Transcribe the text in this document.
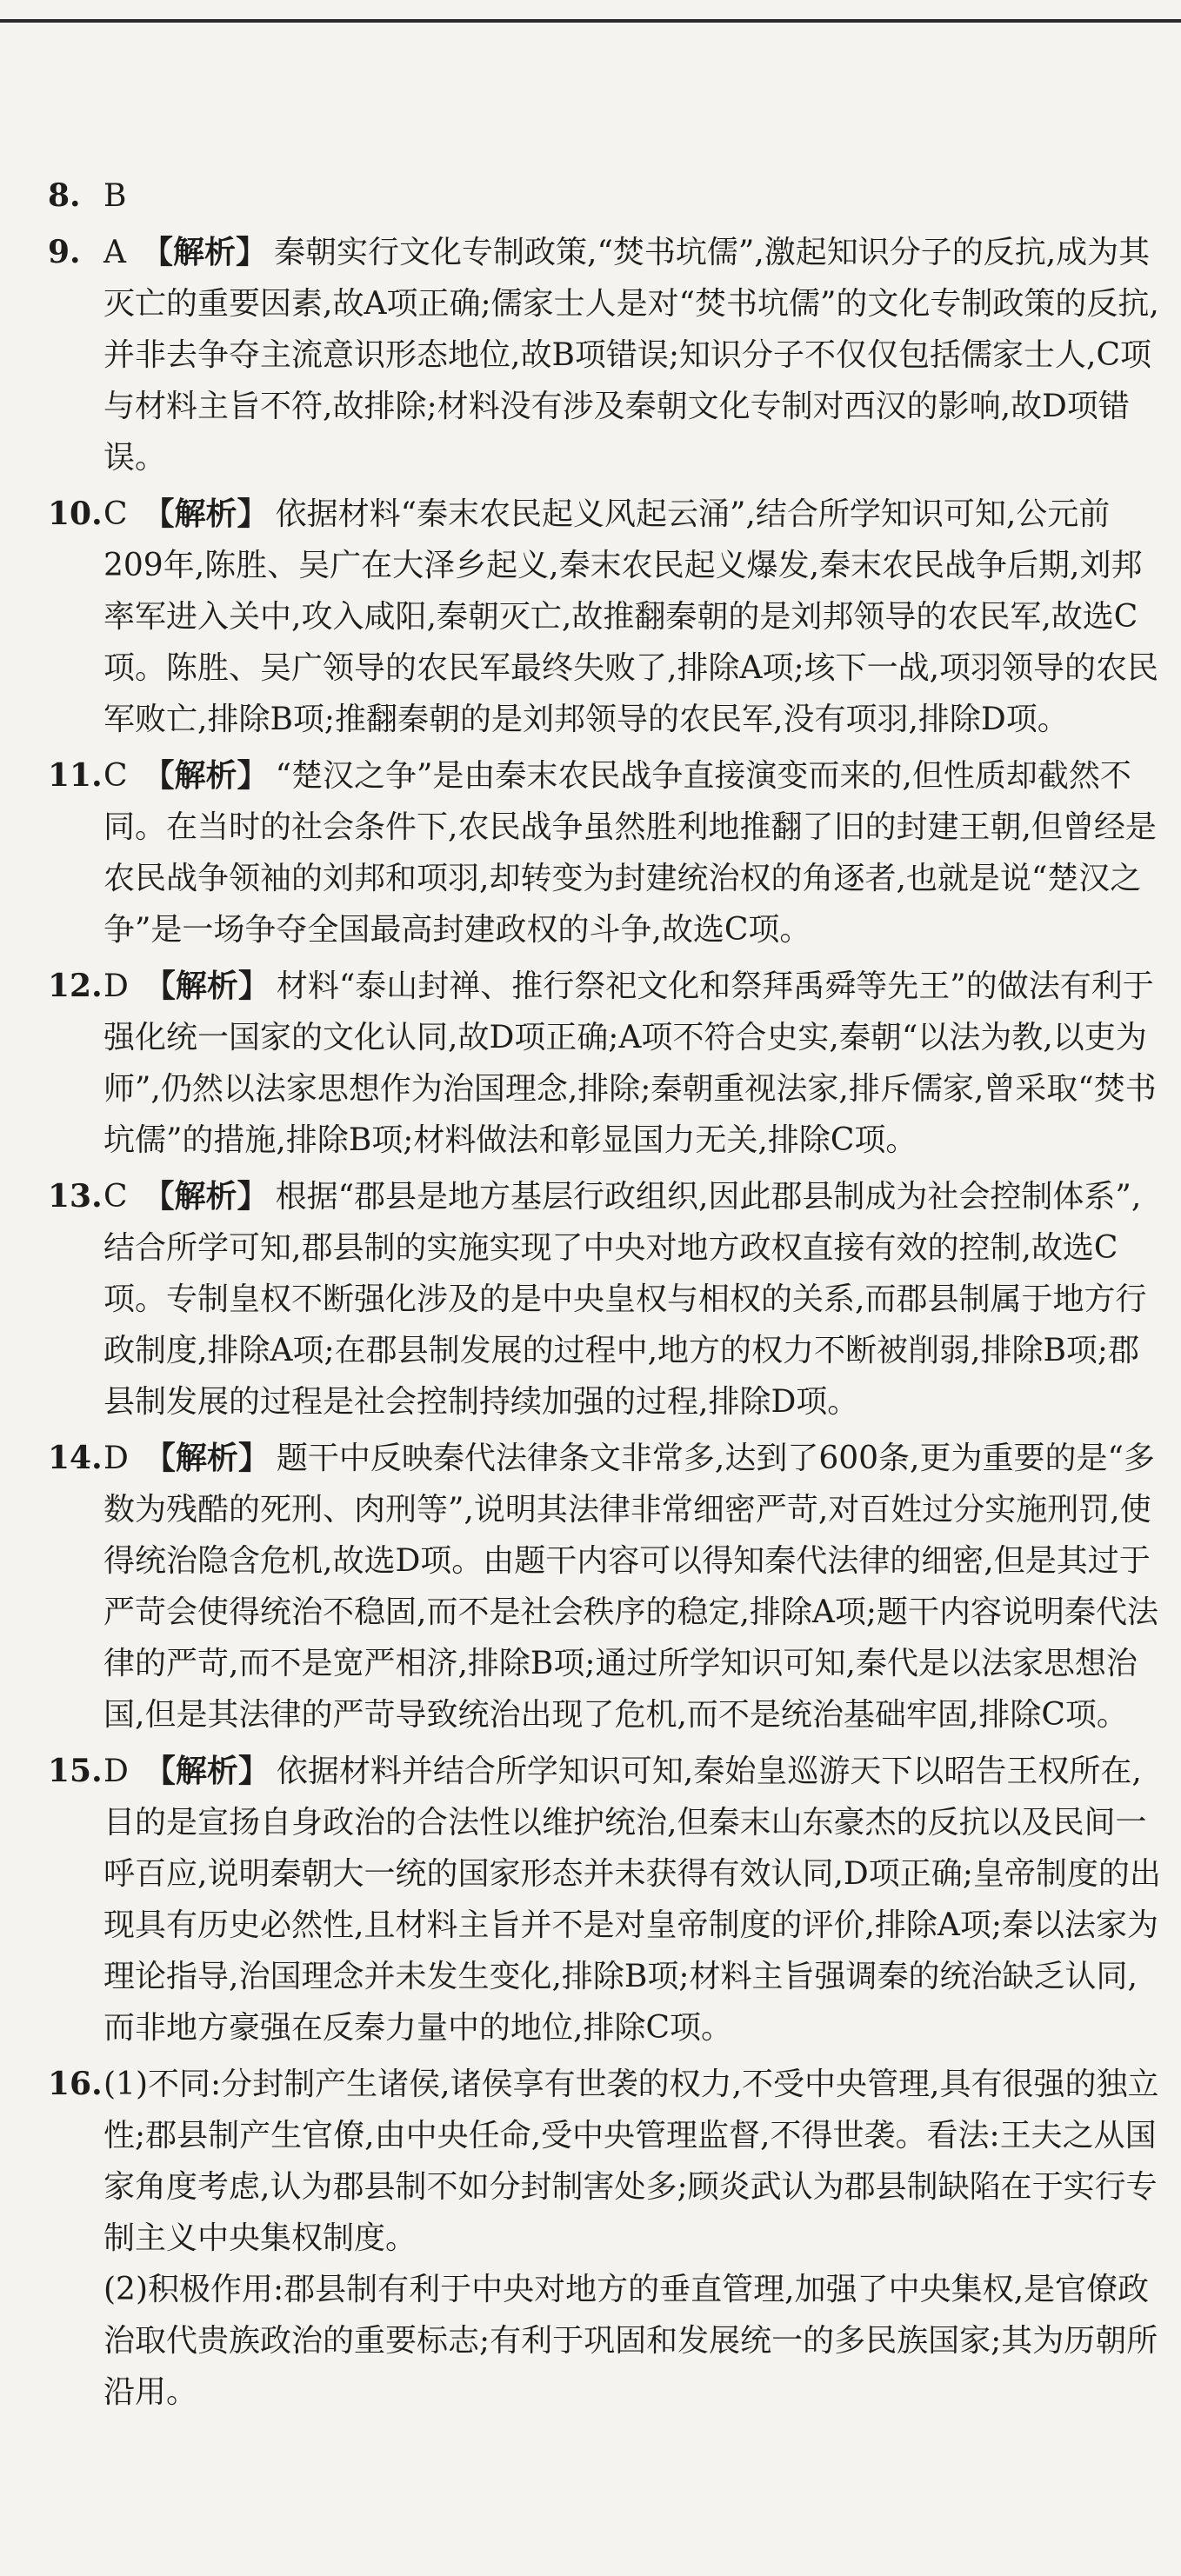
8. B
9. A 【解析】 秦朝实行文化专制政策,“焚书坑儒”,激起知识分子的反抗,成为其灭亡的重要因素,故A项正确;儒家士人是对“焚书坑儒”的文化专制政策的反抗,并非去争夺主流意识形态地位,故B项错误;知识分子不仅仅包括儒家士人,C项与材料主旨不符,故排除;材料没有涉及秦朝文化专制对西汉的影响,故D项错误。
10. C 【解析】 依据材料“秦末农民起义风起云涌”,结合所学知识可知,公元前209年,陈胜、吴广在大泽乡起义,秦末农民起义爆发,秦末农民战争后期,刘邦率军进入关中,攻入咸阳,秦朝灭亡,故推翻秦朝的是刘邦领导的农民军,故选C项。陈胜、吴广领导的农民军最终失败了,排除A项;垓下一战,项羽领导的农民军败亡,排除B项;推翻秦朝的是刘邦领导的农民军,没有项羽,排除D项。
11. C 【解析】 “楚汉之争”是由秦末农民战争直接演变而来的,但性质却截然不同。在当时的社会条件下,农民战争虽然胜利地推翻了旧的封建王朝,但曾经是农民战争领袖的刘邦和项羽,却转变为封建统治权的角逐者,也就是说“楚汉之争”是一场争夺全国最高封建政权的斗争,故选C项。
12. D 【解析】 材料“泰山封禅、推行祭祀文化和祭拜禹舜等先王”的做法有利于强化统一国家的文化认同,故D项正确;A项不符合史实,秦朝“以法为教,以吏为师”,仍然以法家思想作为治国理念,排除;秦朝重视法家,排斥儒家,曾采取“焚书坑儒”的措施,排除B项;材料做法和彰显国力无关,排除C项。
13. C 【解析】 根据“郡县是地方基层行政组织,因此郡县制成为社会控制体系”,结合所学可知,郡县制的实施实现了中央对地方政权直接有效的控制,故选C项。专制皇权不断强化涉及的是中央皇权与相权的关系,而郡县制属于地方行政制度,排除A项;在郡县制发展的过程中,地方的权力不断被削弱,排除B项;郡县制发展的过程是社会控制持续加强的过程,排除D项。
14. D 【解析】 题干中反映秦代法律条文非常多,达到了600条,更为重要的是“多数为残酷的死刑、肉刑等”,说明其法律非常细密严苛,对百姓过分实施刑罚,使得统治隐含危机,故选D项。由题干内容可以得知秦代法律的细密,但是其过于严苛会使得统治不稳固,而不是社会秩序的稳定,排除A项;题干内容说明秦代法律的严苛,而不是宽严相济,排除B项;通过所学知识可知,秦代是以法家思想治国,但是其法律的严苛导致统治出现了危机,而不是统治基础牢固,排除C项。
15. D 【解析】 依据材料并结合所学知识可知,秦始皇巡游天下以昭告王权所在,目的是宣扬自身政治的合法性以维护统治,但秦末山东豪杰的反抗以及民间一呼百应,说明秦朝大一统的国家形态并未获得有效认同,D项正确;皇帝制度的出现具有历史必然性,且材料主旨并不是对皇帝制度的评价,排除A项;秦以法家为理论指导,治国理念并未发生变化,排除B项;材料主旨强调秦的统治缺乏认同,而非地方豪强在反秦力量中的地位,排除C项。
16. (1)不同:分封制产生诸侯,诸侯享有世袭的权力,不受中央管理,具有很强的独立性;郡县制产生官僚,由中央任命,受中央管理监督,不得世袭。看法:王夫之从国家角度考虑,认为郡县制不如分封制害处多;顾炎武认为郡县制缺陷在于实行专制主义中央集权制度。
(2)积极作用:郡县制有利于中央对地方的垂直管理,加强了中央集权,是官僚政治取代贵族政治的重要标志;有利于巩固和发展统一的多民族国家;其为历朝所沿用。
